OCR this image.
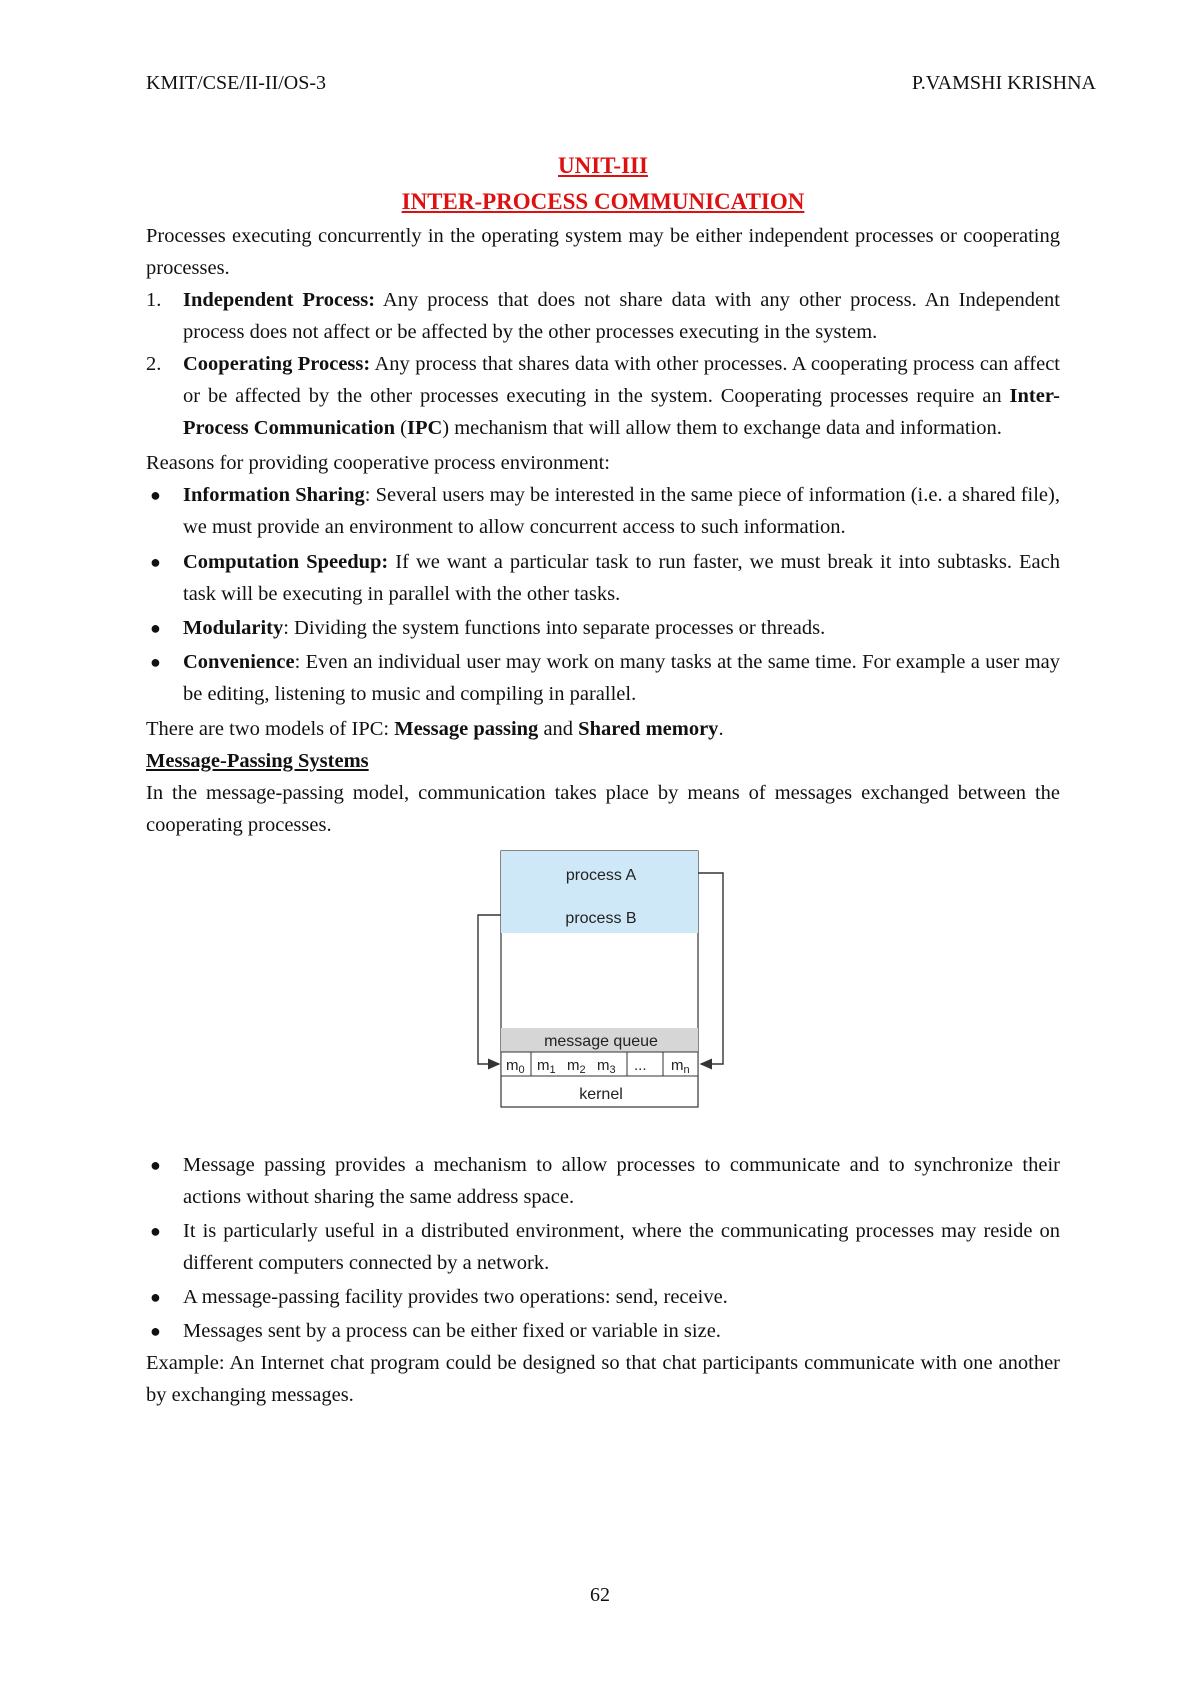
KMIT/CSE/II-II/OS-3	P.VAMSHI KRISHNA
UNIT-III
INTER-PROCESS COMMUNICATION

Processes executing concurrently in the operating system may be either independent processes or cooperating processes.

1. Independent Process: Any process that does not share data with any other process. An Independent process does not affect or be affected by the other processes executing in the system.
2. Cooperating Process: Any process that shares data with other processes. A cooperating process can affect or be affected by the other processes executing in the system. Cooperating processes require an Inter-Process Communication (IPC) mechanism that will allow them to exchange data and information.

Reasons for providing cooperative process environment:

● Information Sharing: Several users may be interested in the same piece of information (i.e. a shared file), we must provide an environment to allow concurrent access to such information.
● Computation Speedup: If we want a particular task to run faster, we must break it into subtasks. Each task will be executing in parallel with the other tasks.
● Modularity: Dividing the system functions into separate processes or threads.
● Convenience: Even an individual user may work on many tasks at the same time. For example a user may be editing, listening to music and compiling in parallel.

There are two models of IPC: Message passing and Shared memory.

Message-Passing Systems

In the message-passing model, communication takes place by means of messages exchanged between the cooperating processes.

process A
process B
message queue
$m_0$ $m_1$ $m_2$ $m_3$ ... $m_n$
kernel
● Message passing provides a mechanism to allow processes to communicate and to synchronize their actions without sharing the same address space.
● It is particularly useful in a distributed environment, where the communicating processes may reside on different computers connected by a network.
● A message-passing facility provides two operations: send, receive.
● Messages sent by a process can be either fixed or variable in size.

Example: An Internet chat program could be designed so that chat participants communicate with one another by exchanging messages.

62
